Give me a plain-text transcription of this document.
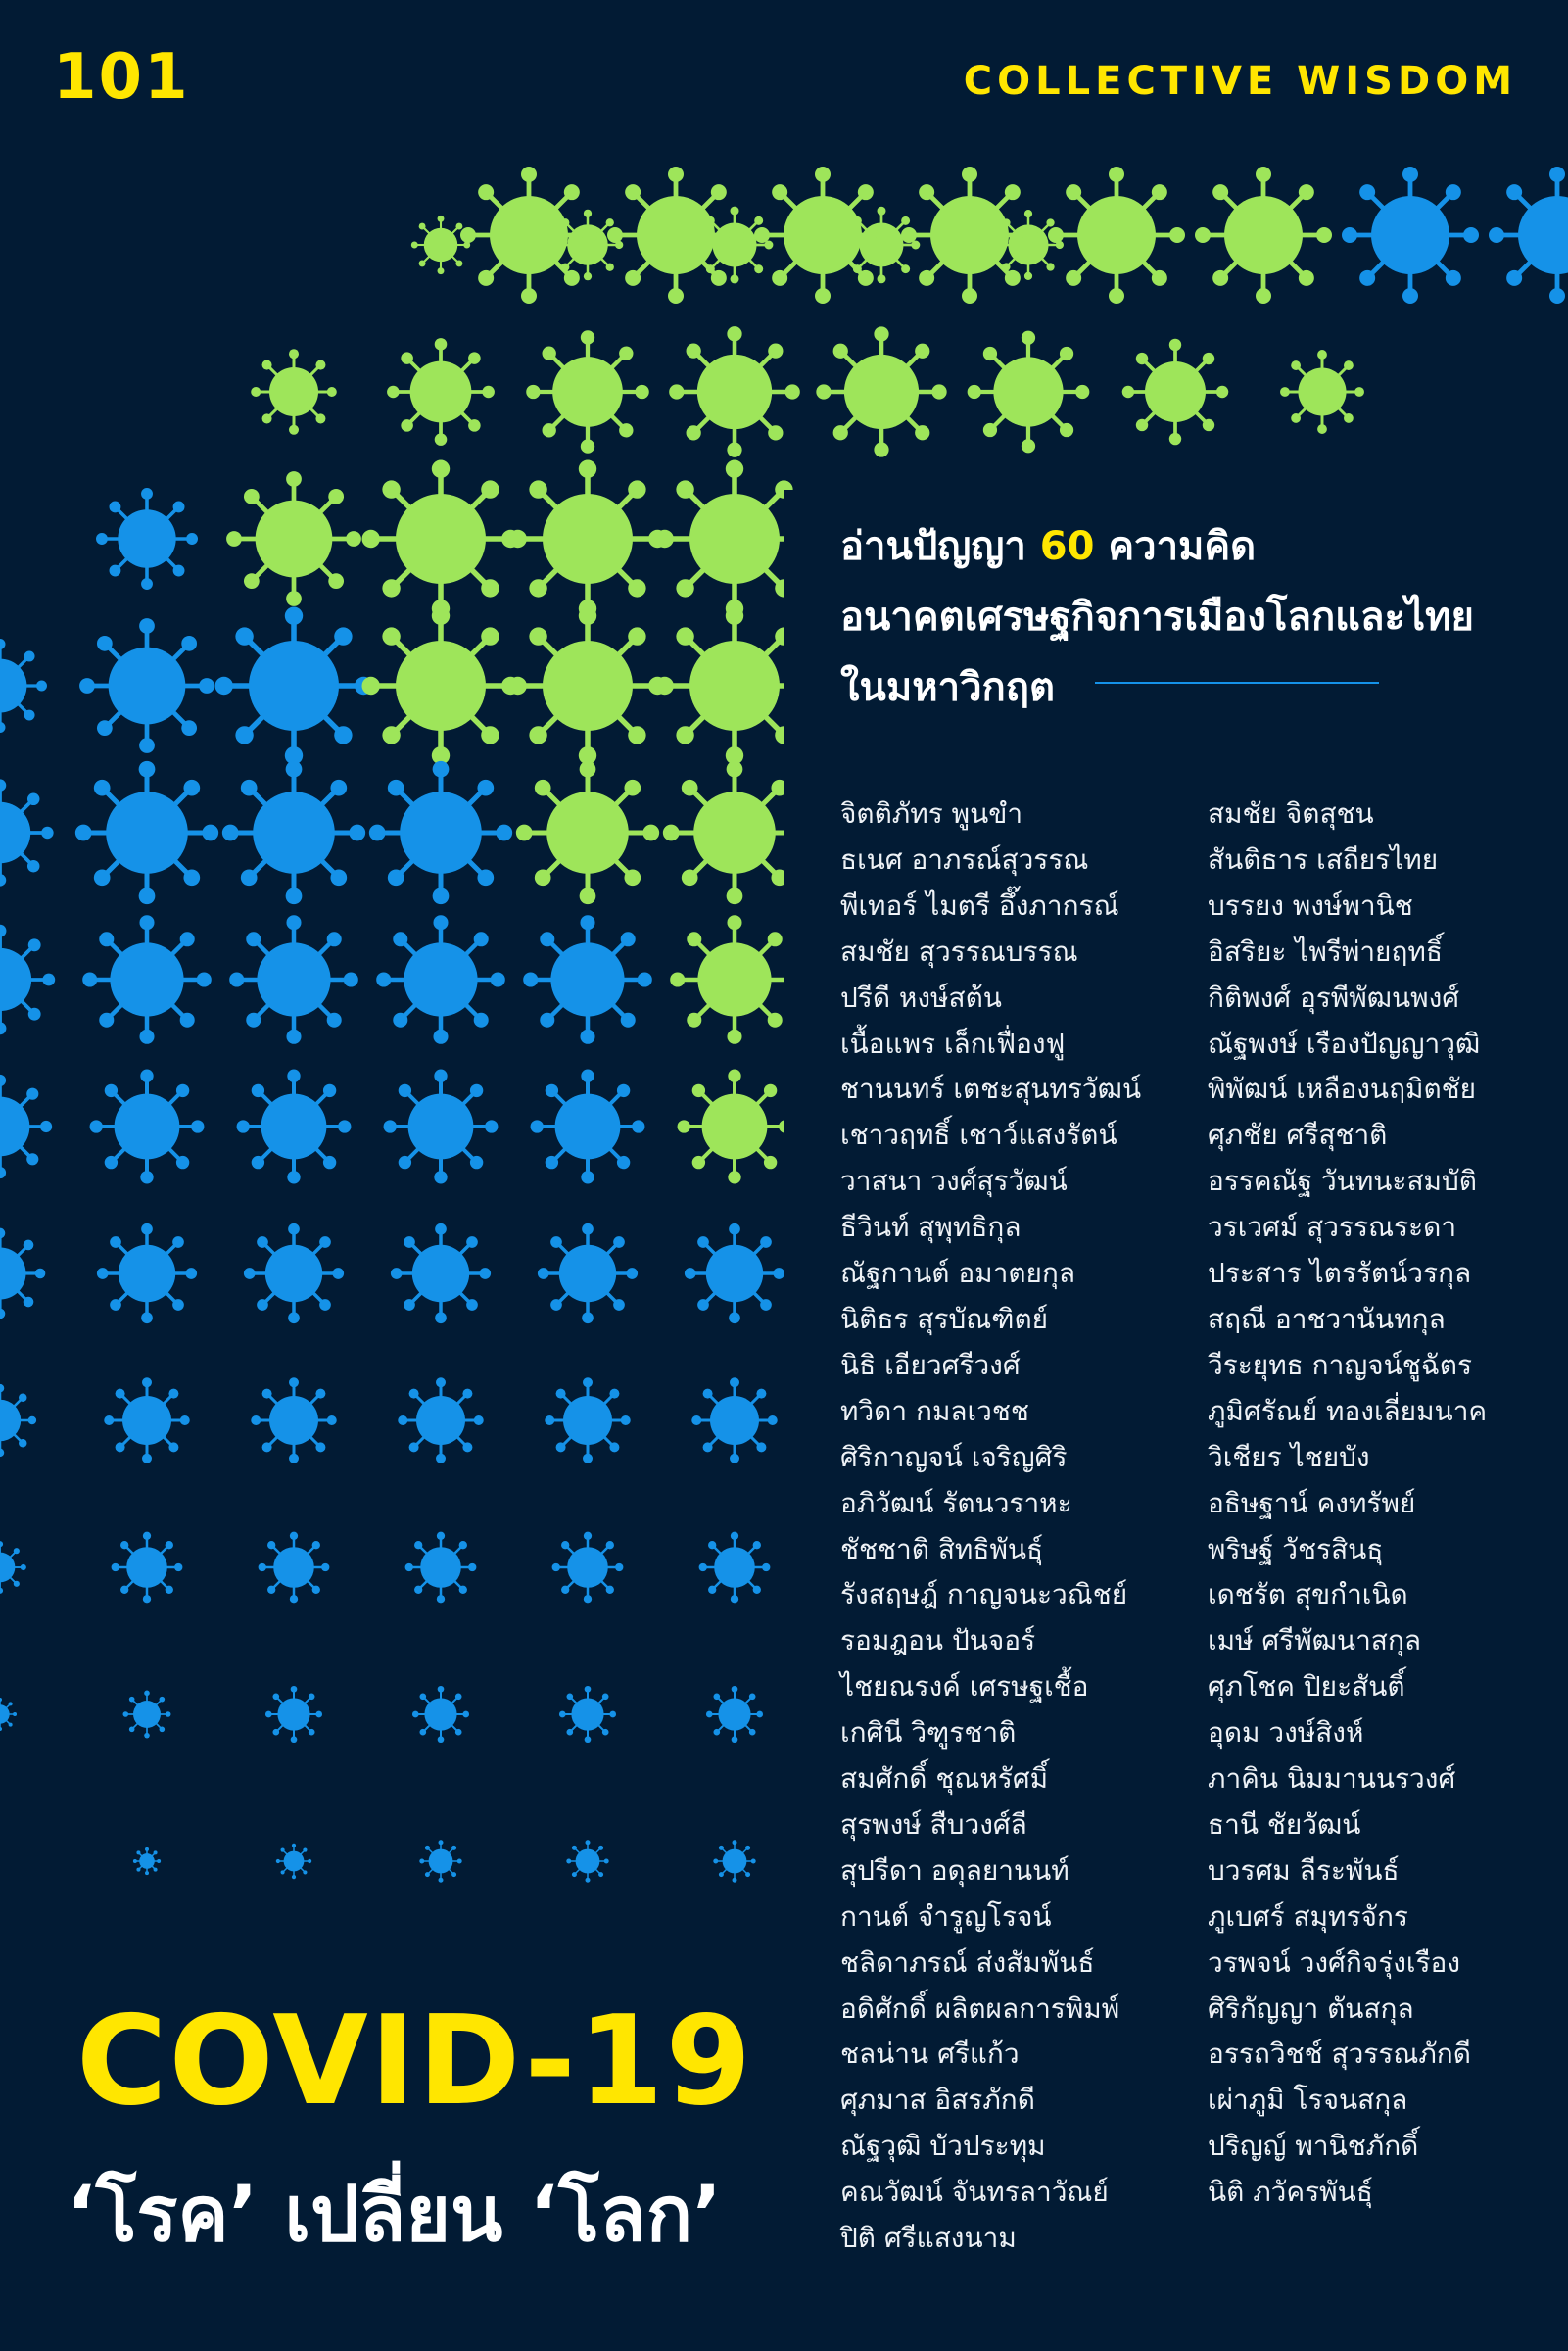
101	COLLECTIVE WISDOM
อ่านปัญญา 60 ความคิด
อนาคตเศรษฐกิจการเมืองโลกและไทย
ในมหาวิกฤต
จิตติภัทร พูนขำ
ธเนศ อาภรณ์สุวรรณ
พีเทอร์ ไมตรี อึ๊งภากรณ์
สมชัย สุวรรณบรรณ
ปรีดี หงษ์สต้น
เนื้อแพร เล็กเฟื่องฟู
ชานนทร์ เตชะสุนทรวัฒน์
เชาวฤทธิ์ เชาว์แสงรัตน์
วาสนา วงศ์สุรวัฒน์
ธีวินท์ สุพุทธิกุล
ณัฐกานต์ อมาตยกุล
นิติธร สุรบัณฑิตย์
นิธิ เอียวศรีวงศ์
ทวิดา กมลเวชช
ศิริกาญจน์ เจริญศิริ
อภิวัฒน์ รัตนวราหะ
ชัชชาติ สิทธิพันธุ์
รังสฤษฎ์ กาญจนะวณิชย์
รอมฎอน ปันจอร์
ไชยณรงค์ เศรษฐเชื้อ
เกศินี วิฑูรชาติ
สมศักดิ์ ชุณหรัศมิ์
สุรพงษ์ สืบวงศ์ลี
สุปรีดา อดุลยานนท์
กานต์ จำรูญโรจน์
ชลิดาภรณ์ ส่งสัมพันธ์
อดิศักดิ์ ผลิตผลการพิมพ์
ชลน่าน ศรีแก้ว
ศุภมาส อิสรภักดี
ณัฐวุฒิ บัวประทุม
คณวัฒน์ จันทรลาวัณย์
ปิติ ศรีแสงนาม
สมชัย จิตสุชน
สันติธาร เสถียรไทย
บรรยง พงษ์พานิช
อิสริยะ ไพรีพ่ายฤทธิ์
กิติพงศ์ อุรพีพัฒนพงศ์
ณัฐพงษ์ เรืองปัญญาวุฒิ
พิพัฒน์ เหลืองนฤมิตชัย
ศุภชัย ศรีสุชาติ
อรรคณัฐ วันทนะสมบัติ
วรเวศม์ สุวรรณระดา
ประสาร ไตรรัตน์วรกุล
สฤณี อาชวานันทกุล
วีระยุทธ กาญจน์ชูฉัตร
ภูมิศรัณย์ ทองเลี่ยมนาค
วิเชียร ไชยบัง
อธิษฐาน์ คงทรัพย์
พริษฐ์ วัชรสินธุ
เดชรัต สุขกำเนิด
เมษ์ ศรีพัฒนาสกุล
ศุภโชค ปิยะสันติ์
อุดม วงษ์สิงห์
ภาคิน นิมมานนรวงศ์
ธานี ชัยวัฒน์
บวรศม ลีระพันธ์
ภูเบศร์ สมุทรจักร
วรพจน์ วงศ์กิจรุ่งเรือง
ศิริกัญญา ตันสกุล
อรรถวิชช์ สุวรรณภักดี
เผ่าภูมิ โรจนสกุล
ปริญญ์ พานิชภักดิ์
นิติ ภวัครพันธุ์
COVID-19
‘โรค’ เปลี่ยน ‘โลก’
